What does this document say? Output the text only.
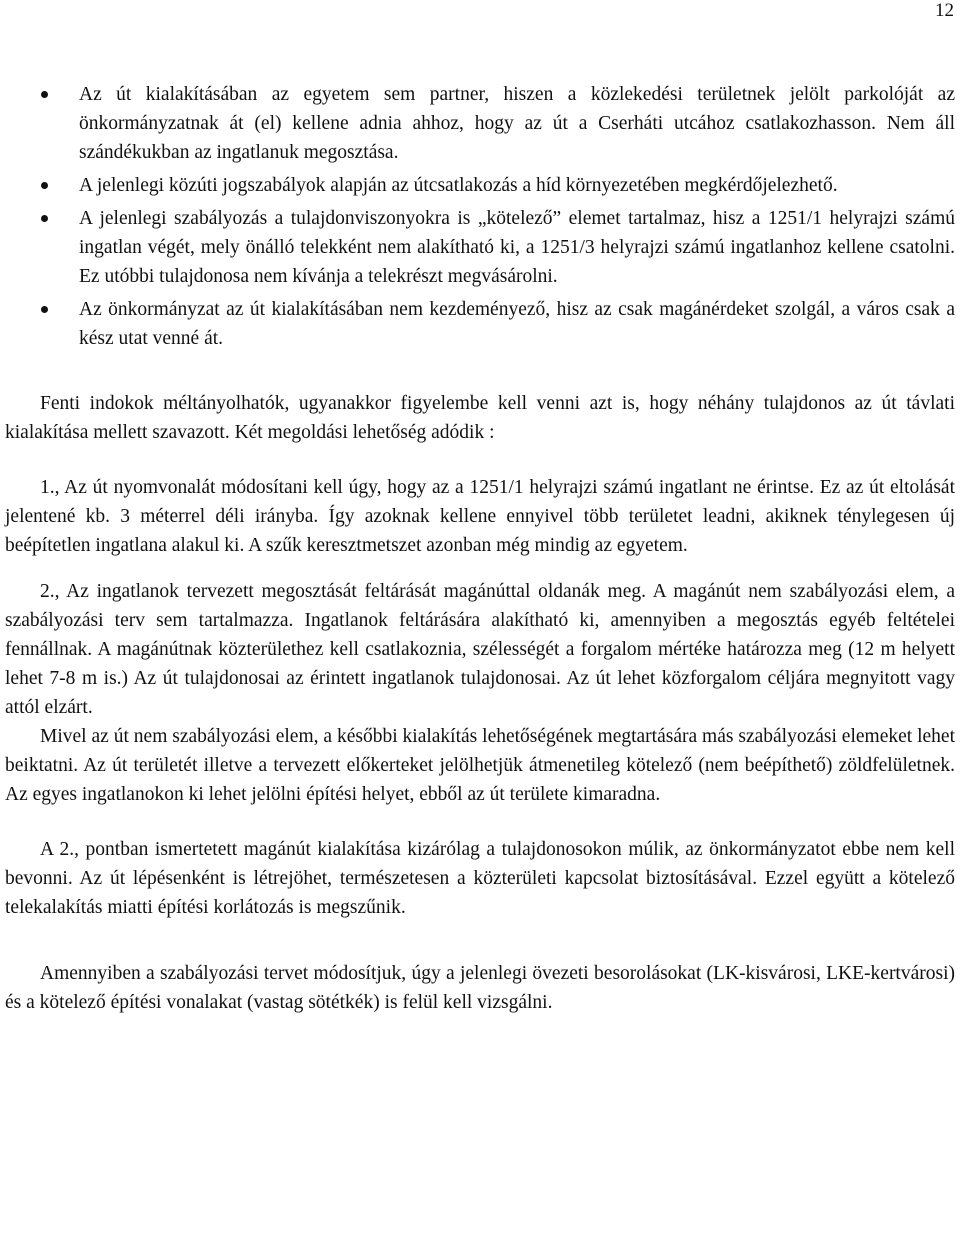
12
Az út kialakításában az egyetem sem partner, hiszen a közlekedési területnek jelölt parkolóját az önkormányzatnak át (el) kellene adnia ahhoz, hogy az út a Cserháti utcához csatlakozhasson. Nem áll szándékukban az ingatlanuk megosztása.
A jelenlegi közúti jogszabályok alapján az útcsatlakozás a híd környezetében megkérdőjelezhető.
A jelenlegi szabályozás a tulajdonviszonyokra is „kötelező” elemet tartalmaz, hisz a 1251/1 helyrajzi számú ingatlan végét, mely önálló telekként nem alakítható ki, a 1251/3 helyrajzi számú ingatlanhoz kellene csatolni. Ez utóbbi tulajdonosa nem kívánja a telekrészt megvásárolni.
Az önkormányzat az út kialakításában nem kezdeményező, hisz az csak magánérdeket szolgál, a város csak a kész utat venné át.

Fenti indokok méltányolhatók, ugyanakkor figyelembe kell venni azt is, hogy néhány tulajdonos az út távlati kialakítása mellett szavazott. Két megoldási lehetőség adódik :

1., Az út nyomvonalát módosítani kell úgy, hogy az a 1251/1 helyrajzi számú ingatlant ne érintse. Ez az út eltolását jelentené kb. 3 méterrel déli irányba. Így azoknak kellene ennyivel több területet leadni, akiknek ténylegesen új beépítetlen ingatlana alakul ki. A szűk keresztmetszet azonban még mindig az egyetem.

2., Az ingatlanok tervezett megosztását feltárását magánúttal oldanák meg. A magánút nem szabályozási elem, a szabályozási terv sem tartalmazza. Ingatlanok feltárására alakítható ki, amennyiben a megosztás egyéb feltételei fennállnak. A magánútnak közterülethez kell csatlakoznia, szélességét a forgalom mértéke határozza meg (12 m helyett lehet 7-8 m is.) Az út tulajdonosai az érintett ingatlanok tulajdonosai. Az út lehet közforgalom céljára megnyitott vagy attól elzárt.

Mivel az út nem szabályozási elem, a későbbi kialakítás lehetőségének megtartására más szabályozási elemeket lehet beiktatni. Az út területét illetve a tervezett előkerteket jelölhetjük átmenetileg kötelező (nem beépíthető) zöldfelületnek. Az egyes ingatlanokon ki lehet jelölni építési helyet, ebből az út területe kimaradna.

A 2., pontban ismertetett magánút kialakítása kizárólag a tulajdonosokon múlik, az önkormányzatot ebbe nem kell bevonni. Az út lépésenként is létrejöhet, természetesen a közterületi kapcsolat biztosításával. Ezzel együtt a kötelező telekalakítás miatti építési korlátozás is megszűnik.

Amennyiben a szabályozási tervet módosítjuk, úgy a jelenlegi övezeti besorolásokat (LK-kisvárosi, LKE-kertvárosi) és a kötelező építési vonalakat (vastag sötétkék) is felül kell vizsgálni.
